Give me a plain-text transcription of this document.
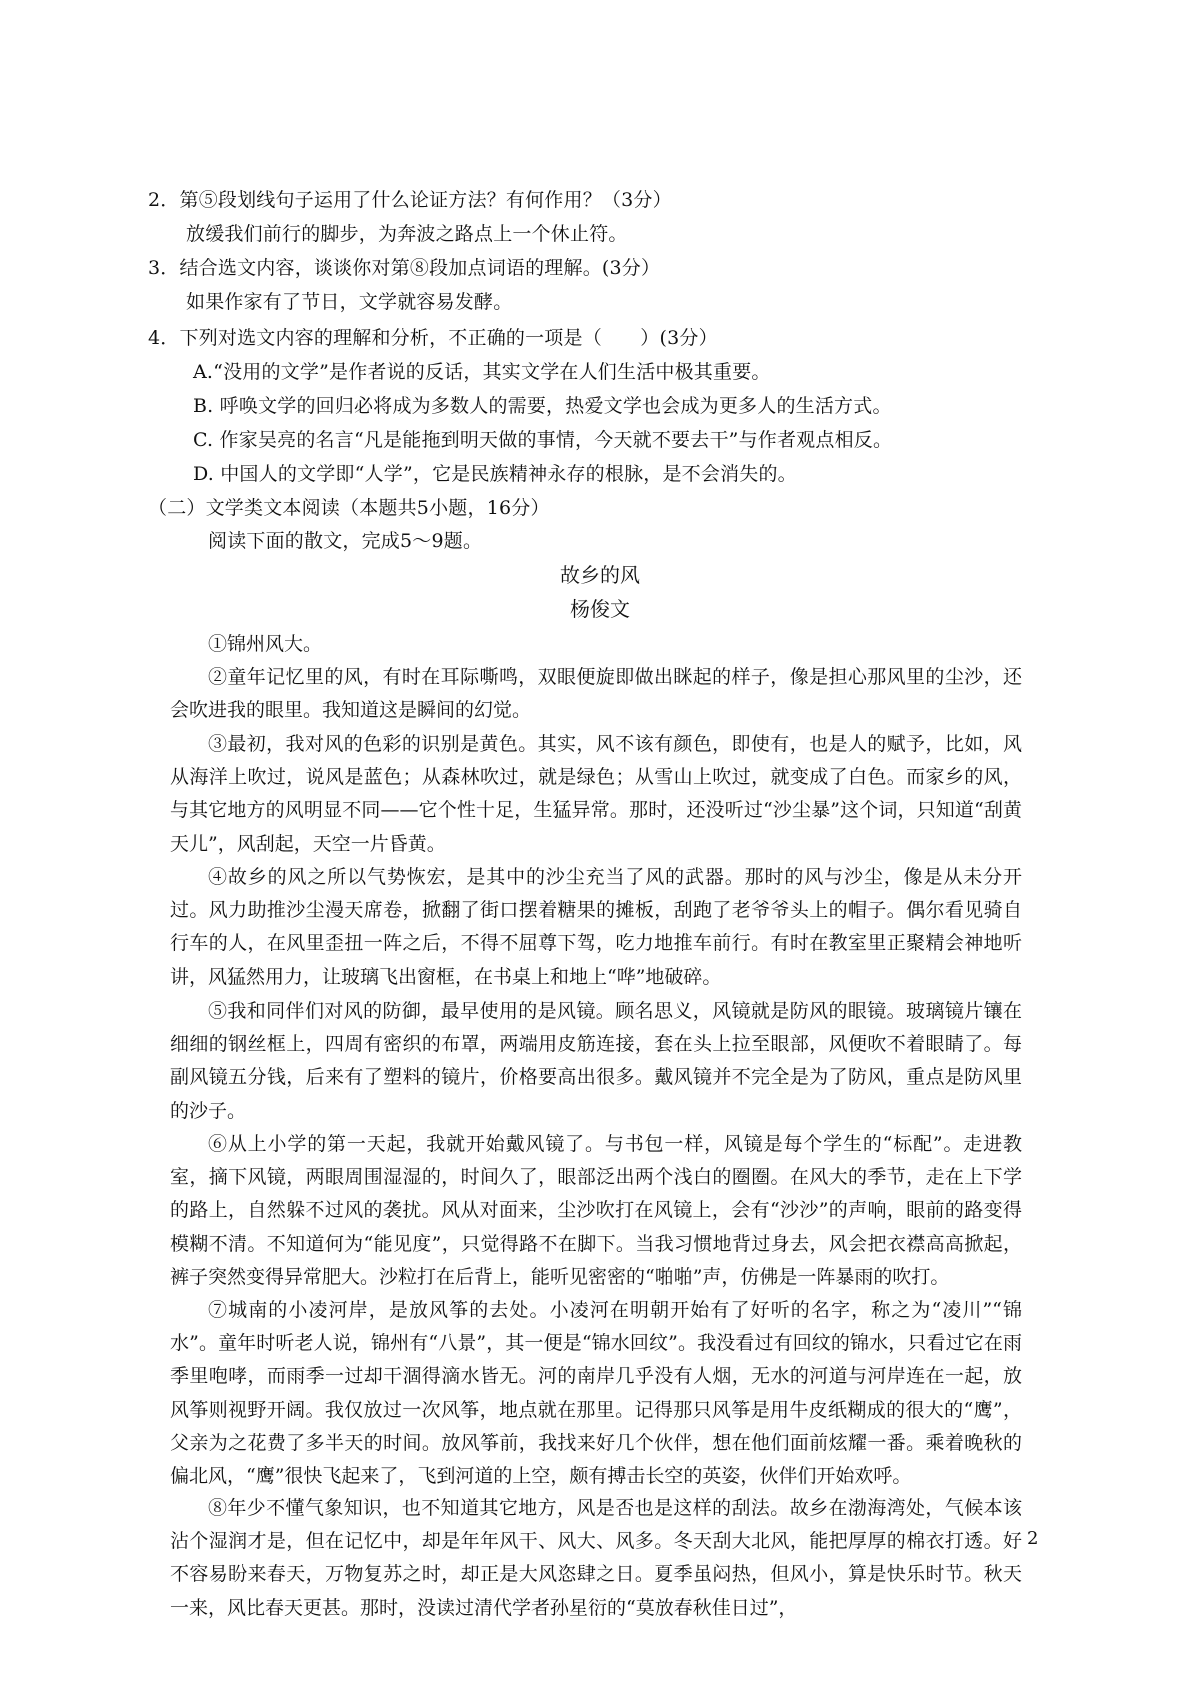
2．第⑤段划线句子运用了什么论证方法？有何作用？（3分）
放缓我们前行的脚步，为奔波之路点上一个休止符。
3．结合选文内容，谈谈你对第⑧段加点词语的理解。(3分）
如果作家有了节日，文学就容易发酵。
4．下列对选文内容的理解和分析，不正确的一项是（　　）(3分）
A.“没用的文学”是作者说的反话，其实文学在人们生活中极其重要。
B. 呼唤文学的回归必将成为多数人的需要，热爱文学也会成为更多人的生活方式。
C. 作家吴亮的名言“凡是能拖到明天做的事情，今天就不要去干”与作者观点相反。
D. 中国人的文学即“人学”，它是民族精神永存的根脉，是不会消失的。
（二）文学类文本阅读（本题共5小题，16分）
阅读下面的散文，完成5～9题。
故乡的风
杨俊文
①锦州风大。
②童年记忆里的风，有时在耳际嘶鸣，双眼便旋即做出眯起的样子，像是担心那风里的尘沙，还会吹进我的眼里。我知道这是瞬间的幻觉。
③最初，我对风的色彩的识别是黄色。其实，风不该有颜色，即使有，也是人的赋予，比如，风从海洋上吹过，说风是蓝色；从森林吹过，就是绿色；从雪山上吹过，就变成了白色。而家乡的风，与其它地方的风明显不同——它个性十足，生猛异常。那时，还没听过“沙尘暴”这个词，只知道“刮黄天儿”，风刮起，天空一片昏黄。
④故乡的风之所以气势恢宏，是其中的沙尘充当了风的武器。那时的风与沙尘，像是从未分开过。风力助推沙尘漫天席卷，掀翻了街口摆着糖果的摊板，刮跑了老爷爷头上的帽子。偶尔看见骑自行车的人，在风里歪扭一阵之后，不得不屈尊下驾，吃力地推车前行。有时在教室里正聚精会神地听讲，风猛然用力，让玻璃飞出窗框，在书桌上和地上“哗”地破碎。
⑤我和同伴们对风的防御，最早使用的是风镜。顾名思义，风镜就是防风的眼镜。玻璃镜片镶在细细的钢丝框上，四周有密织的布罩，两端用皮筋连接，套在头上拉至眼部，风便吹不着眼睛了。每副风镜五分钱，后来有了塑料的镜片，价格要高出很多。戴风镜并不完全是为了防风，重点是防风里的沙子。
⑥从上小学的第一天起，我就开始戴风镜了。与书包一样，风镜是每个学生的“标配”。走进教室，摘下风镜，两眼周围湿湿的，时间久了，眼部泛出两个浅白的圈圈。在风大的季节，走在上下学的路上，自然躲不过风的袭扰。风从对面来，尘沙吹打在风镜上，会有“沙沙”的声响，眼前的路变得模糊不清。不知道何为“能见度”，只觉得路不在脚下。当我习惯地背过身去，风会把衣襟高高掀起，裤子突然变得异常肥大。沙粒打在后背上，能听见密密的“啪啪”声，仿佛是一阵暴雨的吹打。
⑦城南的小凌河岸，是放风筝的去处。小凌河在明朝开始有了好听的名字，称之为“凌川”“锦水”。童年时听老人说，锦州有“八景”，其一便是“锦水回纹”。我没看过有回纹的锦水，只看过它在雨季里咆哮，而雨季一过却干涸得滴水皆无。河的南岸几乎没有人烟，无水的河道与河岸连在一起，放风筝则视野开阔。我仅放过一次风筝，地点就在那里。记得那只风筝是用牛皮纸糊成的很大的“鹰”，父亲为之花费了多半天的时间。放风筝前，我找来好几个伙伴，想在他们面前炫耀一番。乘着晚秋的偏北风，“鹰”很快飞起来了，飞到河道的上空，颇有搏击长空的英姿，伙伴们开始欢呼。
⑧年少不懂气象知识，也不知道其它地方，风是否也是这样的刮法。故乡在渤海湾处，气候本该沾个湿润才是，但在记忆中，却是年年风干、风大、风多。冬天刮大北风，能把厚厚的棉衣打透。好不容易盼来春天，万物复苏之时，却正是大风恣肆之日。夏季虽闷热，但风小，算是快乐时节。秋天一来，风比春天更甚。那时，没读过清代学者孙星衍的“莫放春秋佳日过”，
2
